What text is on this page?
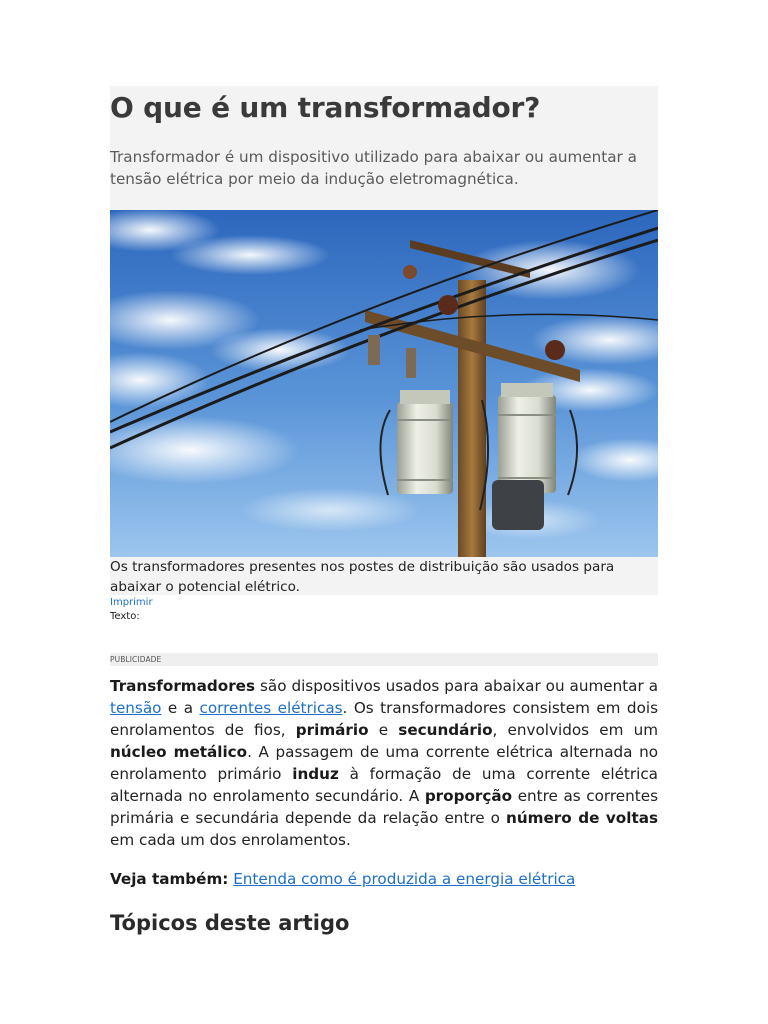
O que é um transformador?

Transformador é um dispositivo utilizado para abaixar ou aumentar a tensão elétrica por meio da indução eletromagnética.

Os transformadores presentes nos postes de distribuição são usados para abaixar o potencial elétrico.

Imprimir
Texto:
PUBLICIDADE

Transformadores são dispositivos usados para abaixar ou aumentar a tensão e a correntes elétricas. Os transformadores consistem em dois enrolamentos de fios, primário e secundário, envolvidos em um núcleo metálico. A passagem de uma corrente elétrica alternada no enrolamento primário induz à formação de uma corrente elétrica alternada no enrolamento secundário. A proporção entre as correntes primária e secundária depende da relação entre o número de voltas em cada um dos enrolamentos.

Veja também: Entenda como é produzida a energia elétrica

Tópicos deste artigo
